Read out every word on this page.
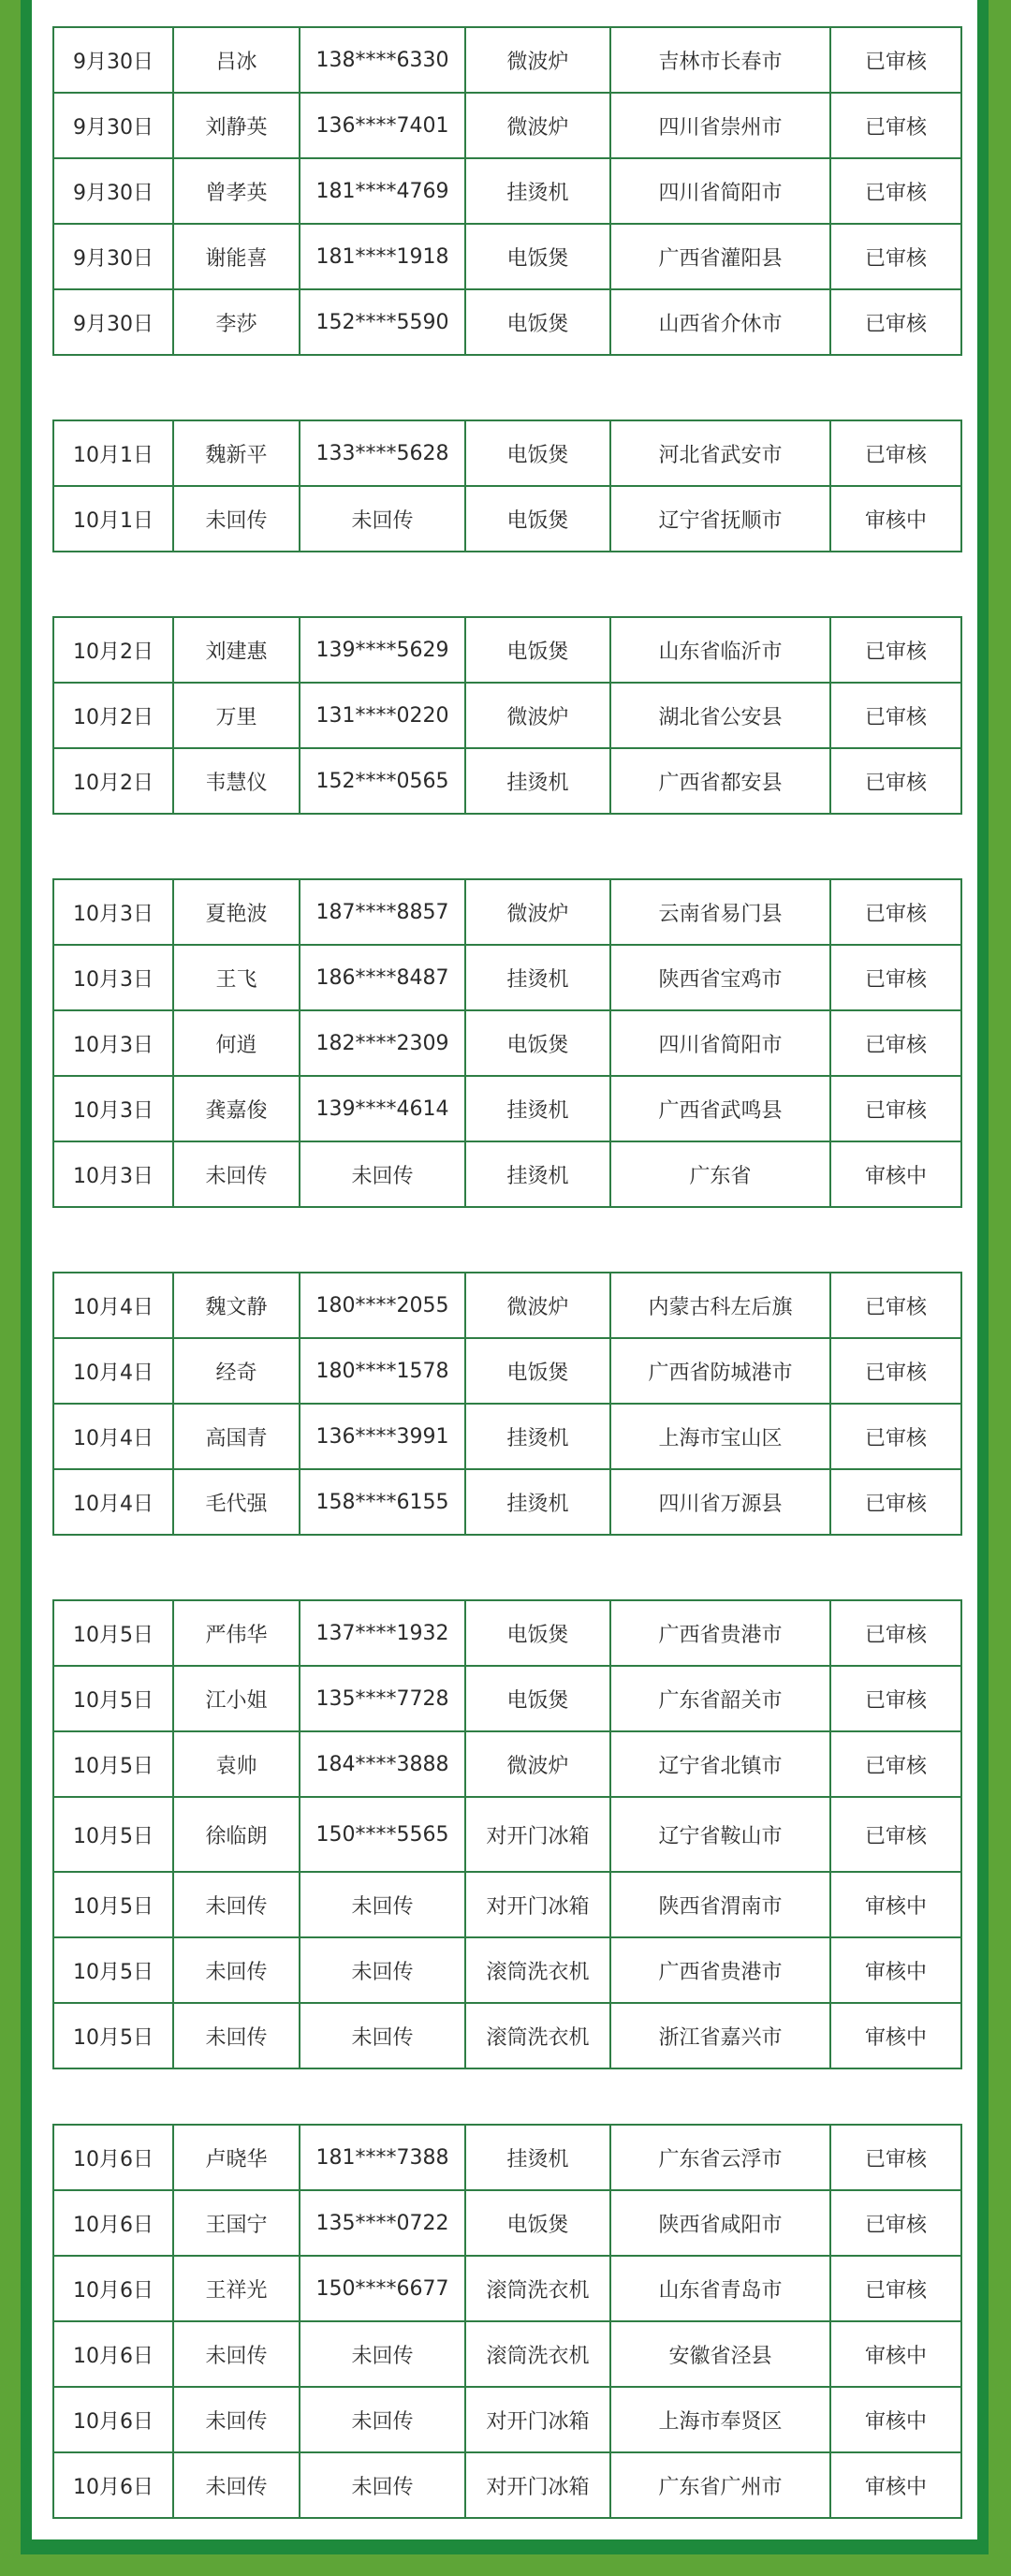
9月30日	吕冰	138****6330	微波炉	吉林市长春市	已审核
9月30日	刘静英	136****7401	微波炉	四川省崇州市	已审核
9月30日	曾孝英	181****4769	挂烫机	四川省简阳市	已审核
9月30日	谢能喜	181****1918	电饭煲	广西省灌阳县	已审核
9月30日	李莎	152****5590	电饭煲	山西省介休市	已审核
10月1日	魏新平	133****5628	电饭煲	河北省武安市	已审核
10月1日	未回传	未回传	电饭煲	辽宁省抚顺市	审核中
10月2日	刘建惠	139****5629	电饭煲	山东省临沂市	已审核
10月2日	万里	131****0220	微波炉	湖北省公安县	已审核
10月2日	韦慧仪	152****0565	挂烫机	广西省都安县	已审核
10月3日	夏艳波	187****8857	微波炉	云南省易门县	已审核
10月3日	王飞	186****8487	挂烫机	陕西省宝鸡市	已审核
10月3日	何逍	182****2309	电饭煲	四川省简阳市	已审核
10月3日	龚嘉俊	139****4614	挂烫机	广西省武鸣县	已审核
10月3日	未回传	未回传	挂烫机	广东省	审核中
10月4日	魏文静	180****2055	微波炉	内蒙古科左后旗	已审核
10月4日	经奇	180****1578	电饭煲	广西省防城港市	已审核
10月4日	高国青	136****3991	挂烫机	上海市宝山区	已审核
10月4日	毛代强	158****6155	挂烫机	四川省万源县	已审核
10月5日	严伟华	137****1932	电饭煲	广西省贵港市	已审核
10月5日	江小姐	135****7728	电饭煲	广东省韶关市	已审核
10月5日	袁帅	184****3888	微波炉	辽宁省北镇市	已审核
10月5日	徐临朗	150****5565	对开门冰箱	辽宁省鞍山市	已审核
10月5日	未回传	未回传	对开门冰箱	陕西省渭南市	审核中
10月5日	未回传	未回传	滚筒洗衣机	广西省贵港市	审核中
10月5日	未回传	未回传	滚筒洗衣机	浙江省嘉兴市	审核中
10月6日	卢晓华	181****7388	挂烫机	广东省云浮市	已审核
10月6日	王国宁	135****0722	电饭煲	陕西省咸阳市	已审核
10月6日	王祥光	150****6677	滚筒洗衣机	山东省青岛市	已审核
10月6日	未回传	未回传	滚筒洗衣机	安徽省泾县	审核中
10月6日	未回传	未回传	对开门冰箱	上海市奉贤区	审核中
10月6日	未回传	未回传	对开门冰箱	广东省广州市	审核中
